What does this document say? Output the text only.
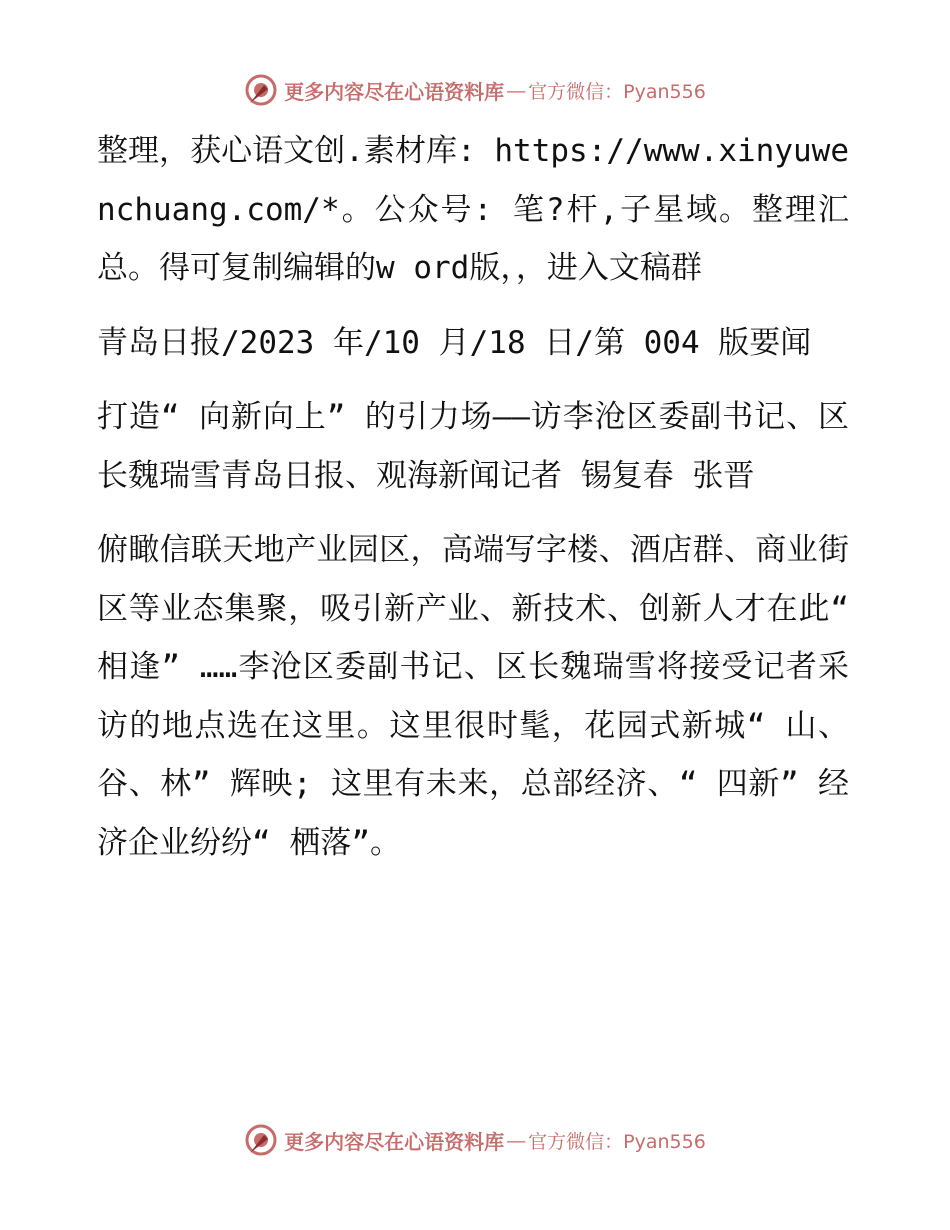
更多内容尽在心语资料库 — 官方微信：Pyan556

整理，获心语文创.素材库: https://www.xinyuwenchuang.com/*。公众号: 笔?杆,子星域。整理汇总。得可复制编辑的w ord版，，进入文稿群

青岛日报/2023 年/10 月/18 日/第 004 版要闻

打造“ 向新向上” 的引力场——访李沧区委副书记、区长魏瑞雪青岛日报、观海新闻记者 锡复春 张晋

俯瞰信联天地产业园区，高端写字楼、酒店群、商业街区等业态集聚，吸引新产业、新技术、创新人才在此“ 相逢” ……李沧区委副书记、区长魏瑞雪将接受记者采访的地点选在这里。这里很时髦，花园式新城“ 山、谷、林” 辉映; 这里有未来，总部经济、“ 四新” 经济企业纷纷“ 栖落”。

更多内容尽在心语资料库 — 官方微信：Pyan556
